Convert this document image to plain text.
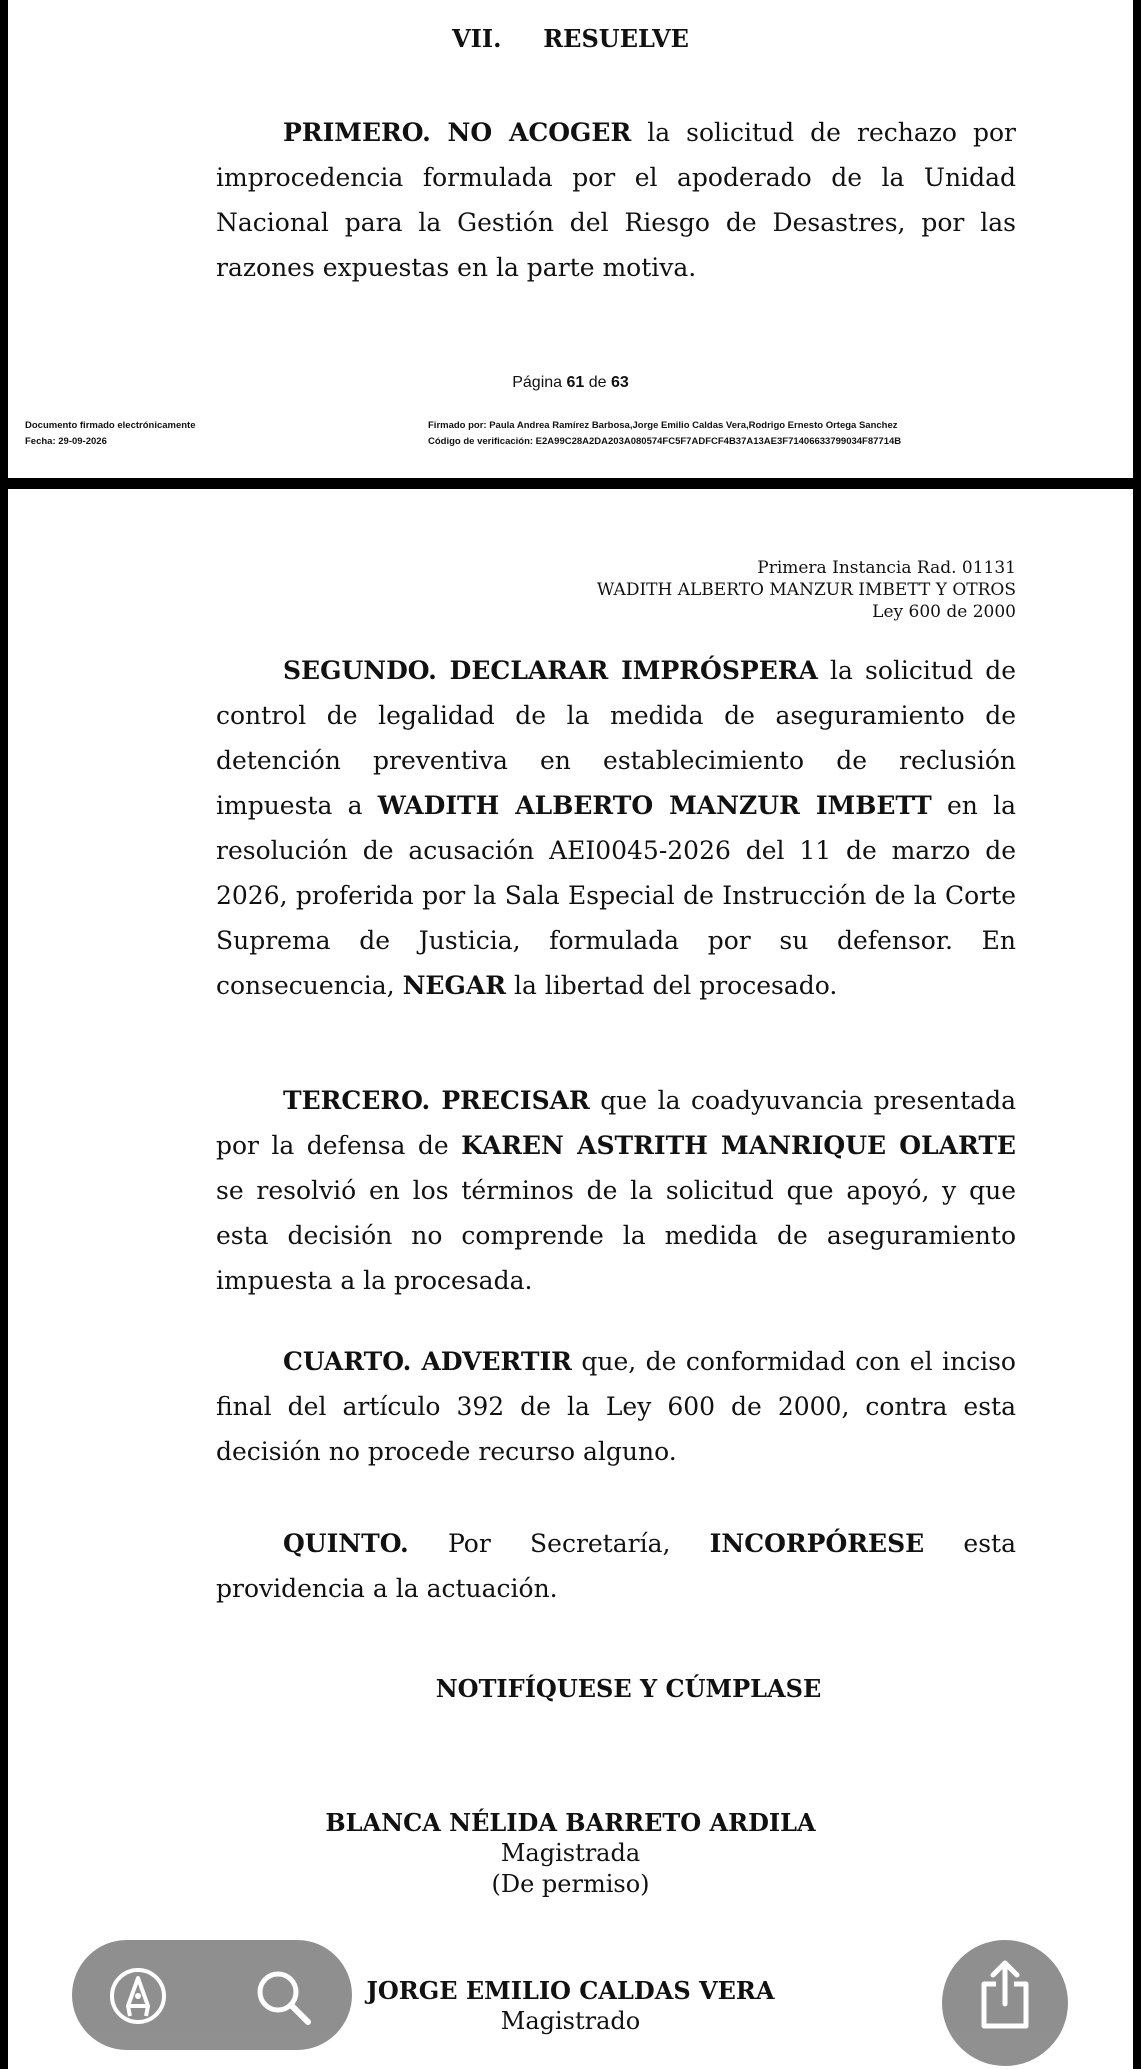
VII.     RESUELVE
PRIMERO. NO ACOGER la solicitud de rechazo por improcedencia formulada por el apoderado de la Unidad Nacional para la Gestión del Riesgo de Desastres, por las razones expuestas en la parte motiva.
Página 61 de 63
Documento firmado electrónicamente
Fecha: 29-09-2026
Firmado por: Paula Andrea Ramírez Barbosa,Jorge Emilio Caldas Vera,Rodrigo Ernesto Ortega Sanchez
Código de verificación: E2A99C28A2DA203A080574FC5F7ADFCF4B37A13AE3F71406633799034F87714B
Primera Instancia Rad. 01131
WADITH ALBERTO MANZUR IMBETT Y OTROS
Ley 600 de 2000
SEGUNDO. DECLARAR IMPRÓSPERA la solicitud de control de legalidad de la medida de aseguramiento de detención preventiva en establecimiento de reclusión impuesta a WADITH ALBERTO MANZUR IMBETT en la resolución de acusación AEI0045-2026 del 11 de marzo de 2026, proferida por la Sala Especial de Instrucción de la Corte Suprema de Justicia, formulada por su defensor. En consecuencia, NEGAR la libertad del procesado.
TERCERO. PRECISAR que la coadyuvancia presentada por la defensa de KAREN ASTRITH MANRIQUE OLARTE se resolvió en los términos de la solicitud que apoyó, y que esta decisión no comprende la medida de aseguramiento impuesta a la procesada.
CUARTO. ADVERTIR que, de conformidad con el inciso final del artículo 392 de la Ley 600 de 2000, contra esta decisión no procede recurso alguno.
QUINTO. Por Secretaría, INCORPÓRESE esta providencia a la actuación.
NOTIFÍQUESE Y CÚMPLASE
BLANCA NÉLIDA BARRETO ARDILA
Magistrada
(De permiso)
JORGE EMILIO CALDAS VERA
Magistrado
